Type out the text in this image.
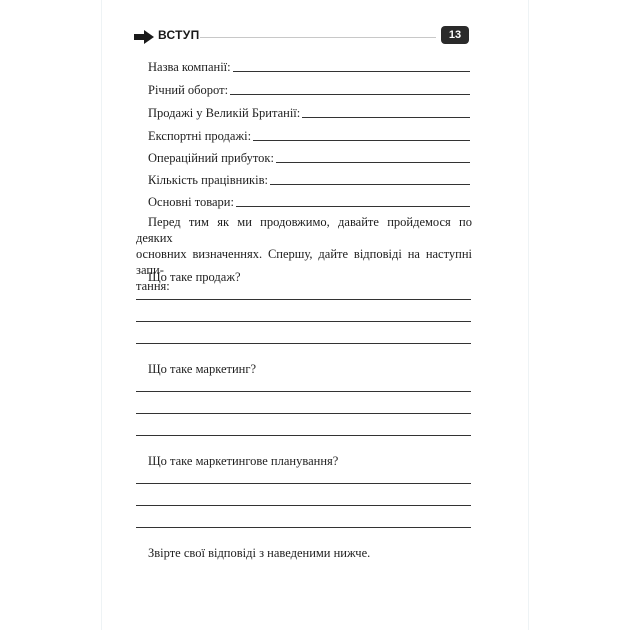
ВСТУП	13
Назва компанії:
Річний оборот:
Продажі у Великій Британії:
Експортні продажі:
Операційний прибуток:
Кількість працівників:
Основні товари:
Перед тим як ми продовжимо, давайте пройдемося по деяких
основних визначеннях. Спершу, дайте відповіді на наступні запи-
тання:
Що таке продаж?
Що таке маркетинг?
Що таке маркетингове планування?
Звірте свої відповіді з наведеними нижче.
